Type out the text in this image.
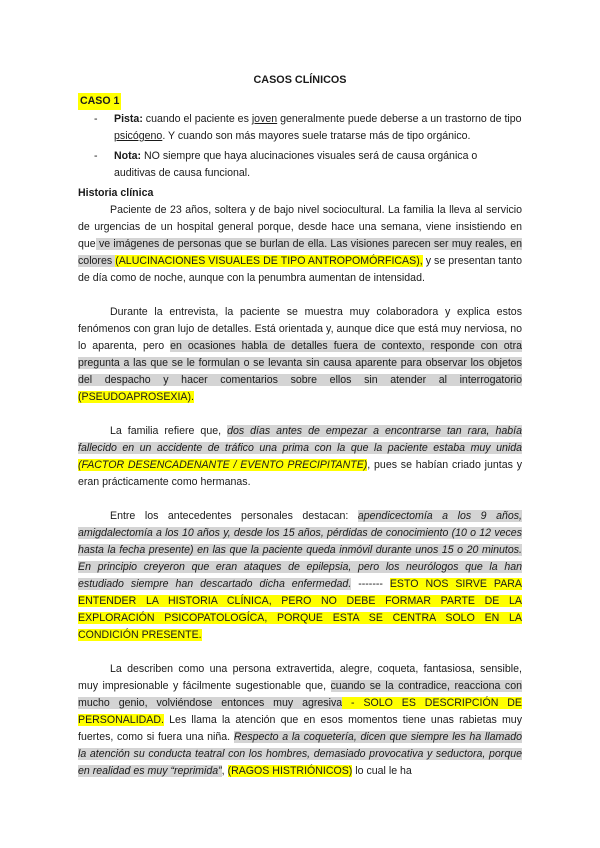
CASOS CLÍNICOS
CASO 1
- Pista: cuando el paciente es joven generalmente puede deberse a un trastorno de tipo psicógeno. Y cuando son más mayores suele tratarse más de tipo orgánico.
- Nota: NO siempre que haya alucinaciones visuales será de causa orgánica o auditivas de causa funcional.
Historia clínica

Paciente de 23 años, soltera y de bajo nivel sociocultural. La familia la lleva al servicio de urgencias de un hospital general porque, desde hace una semana, viene insistiendo en que ve imágenes de personas que se burlan de ella. Las visiones parecen ser muy reales, en colores (ALUCINACIONES VISUALES DE TIPO ANTROPOMÓRFICAS), y se presentan tanto de día como de noche, aunque con la penumbra aumentan de intensidad.

Durante la entrevista, la paciente se muestra muy colaboradora y explica estos fenómenos con gran lujo de detalles. Está orientada y, aunque dice que está muy nerviosa, no lo aparenta, pero en ocasiones habla de detalles fuera de contexto, responde con otra pregunta a las que se le formulan o se levanta sin causa aparente para observar los objetos del despacho y hacer comentarios sobre ellos sin atender al interrogatorio (PSEUDOAPROSEXIA).

La familia refiere que, dos días antes de empezar a encontrarse tan rara, había fallecido en un accidente de tráfico una prima con la que la paciente estaba muy unida (FACTOR DESENCADENANTE / EVENTO PRECIPITANTE), pues se habían criado juntas y eran prácticamente como hermanas.

Entre los antecedentes personales destacan: apendicectomía a los 9 años, amigdalectomía a los 10 años y, desde los 15 años, pérdidas de conocimiento (10 o 12 veces hasta la fecha presente) en las que la paciente queda inmóvil durante unos 15 o 20 minutos. En principio creyeron que eran ataques de epilepsia, pero los neurólogos que la han estudiado siempre han descartado dicha enfermedad. ------- ESTO NOS SIRVE PARA ENTENDER LA HISTORIA CLÍNICA, PERO NO DEBE FORMAR PARTE DE LA EXPLORACIÓN PSICOPATOLOGÍCA, PORQUE ESTA SE CENTRA SOLO EN LA CONDICIÓN PRESENTE.

La describen como una persona extravertida, alegre, coqueta, fantasiosa, sensible, muy impresionable y fácilmente sugestionable que, cuando se la contradice, reacciona con mucho genio, volviéndose entonces muy agresiva - SOLO ES DESCRIPCIÓN DE PERSONALIDAD. Les llama la atención que en esos momentos tiene unas rabietas muy fuertes, como si fuera una niña. Respecto a la coquetería, dicen que siempre les ha llamado la atención su conducta teatral con los hombres, demasiado provocativa y seductora, porque en realidad es muy “reprimida”, (RAGOS HISTRIÓNICOS) lo cual le ha
